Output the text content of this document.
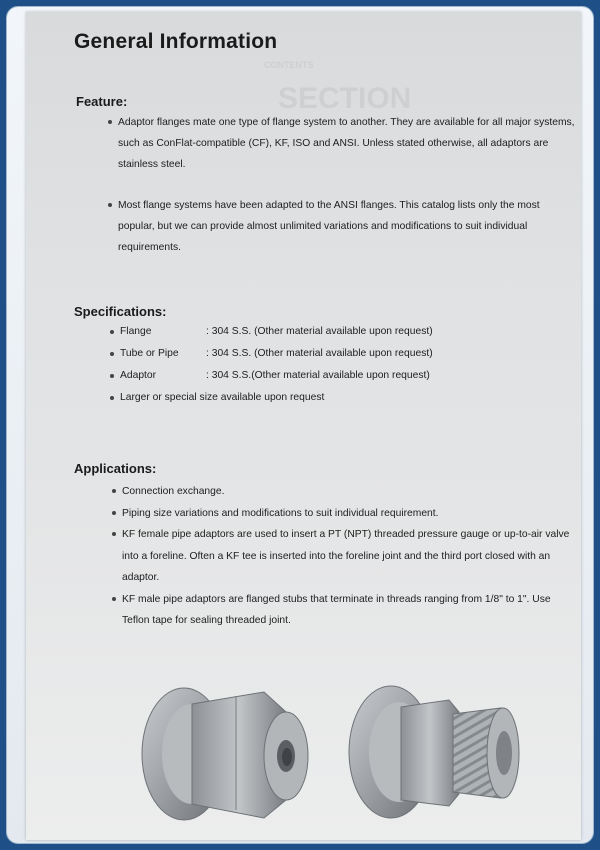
CONTENTS
SECTION
General Information
Feature:
Adaptor flanges mate one type of flange system to another. They are available for all major systems, such as ConFlat-compatible (CF), KF, ISO and ANSI. Unless stated otherwise, all adaptors are stainless steel.
Most flange systems have been adapted to the ANSI flanges. This catalog lists only the most popular, but we can provide almost unlimited variations and modifications to suit individual requirements.
Specifications:
Flange	: 304 S.S. (Other material available upon request)
Tube or Pipe	: 304 S.S. (Other material available upon request)
Adaptor	: 304 S.S.(Other material available upon request)
Larger or special size available upon request
Applications:
Connection exchange.
Piping size variations and modifications to suit individual requirement.
KF female pipe adaptors are used to insert a PT (NPT) threaded pressure gauge or up-to-air valve into a foreline. Often a KF tee is inserted into the foreline joint and the third port closed with an adaptor.
KF male pipe adaptors are flanged stubs that terminate in threads ranging from 1/8" to 1". Use Teflon tape for sealing threaded joint.
